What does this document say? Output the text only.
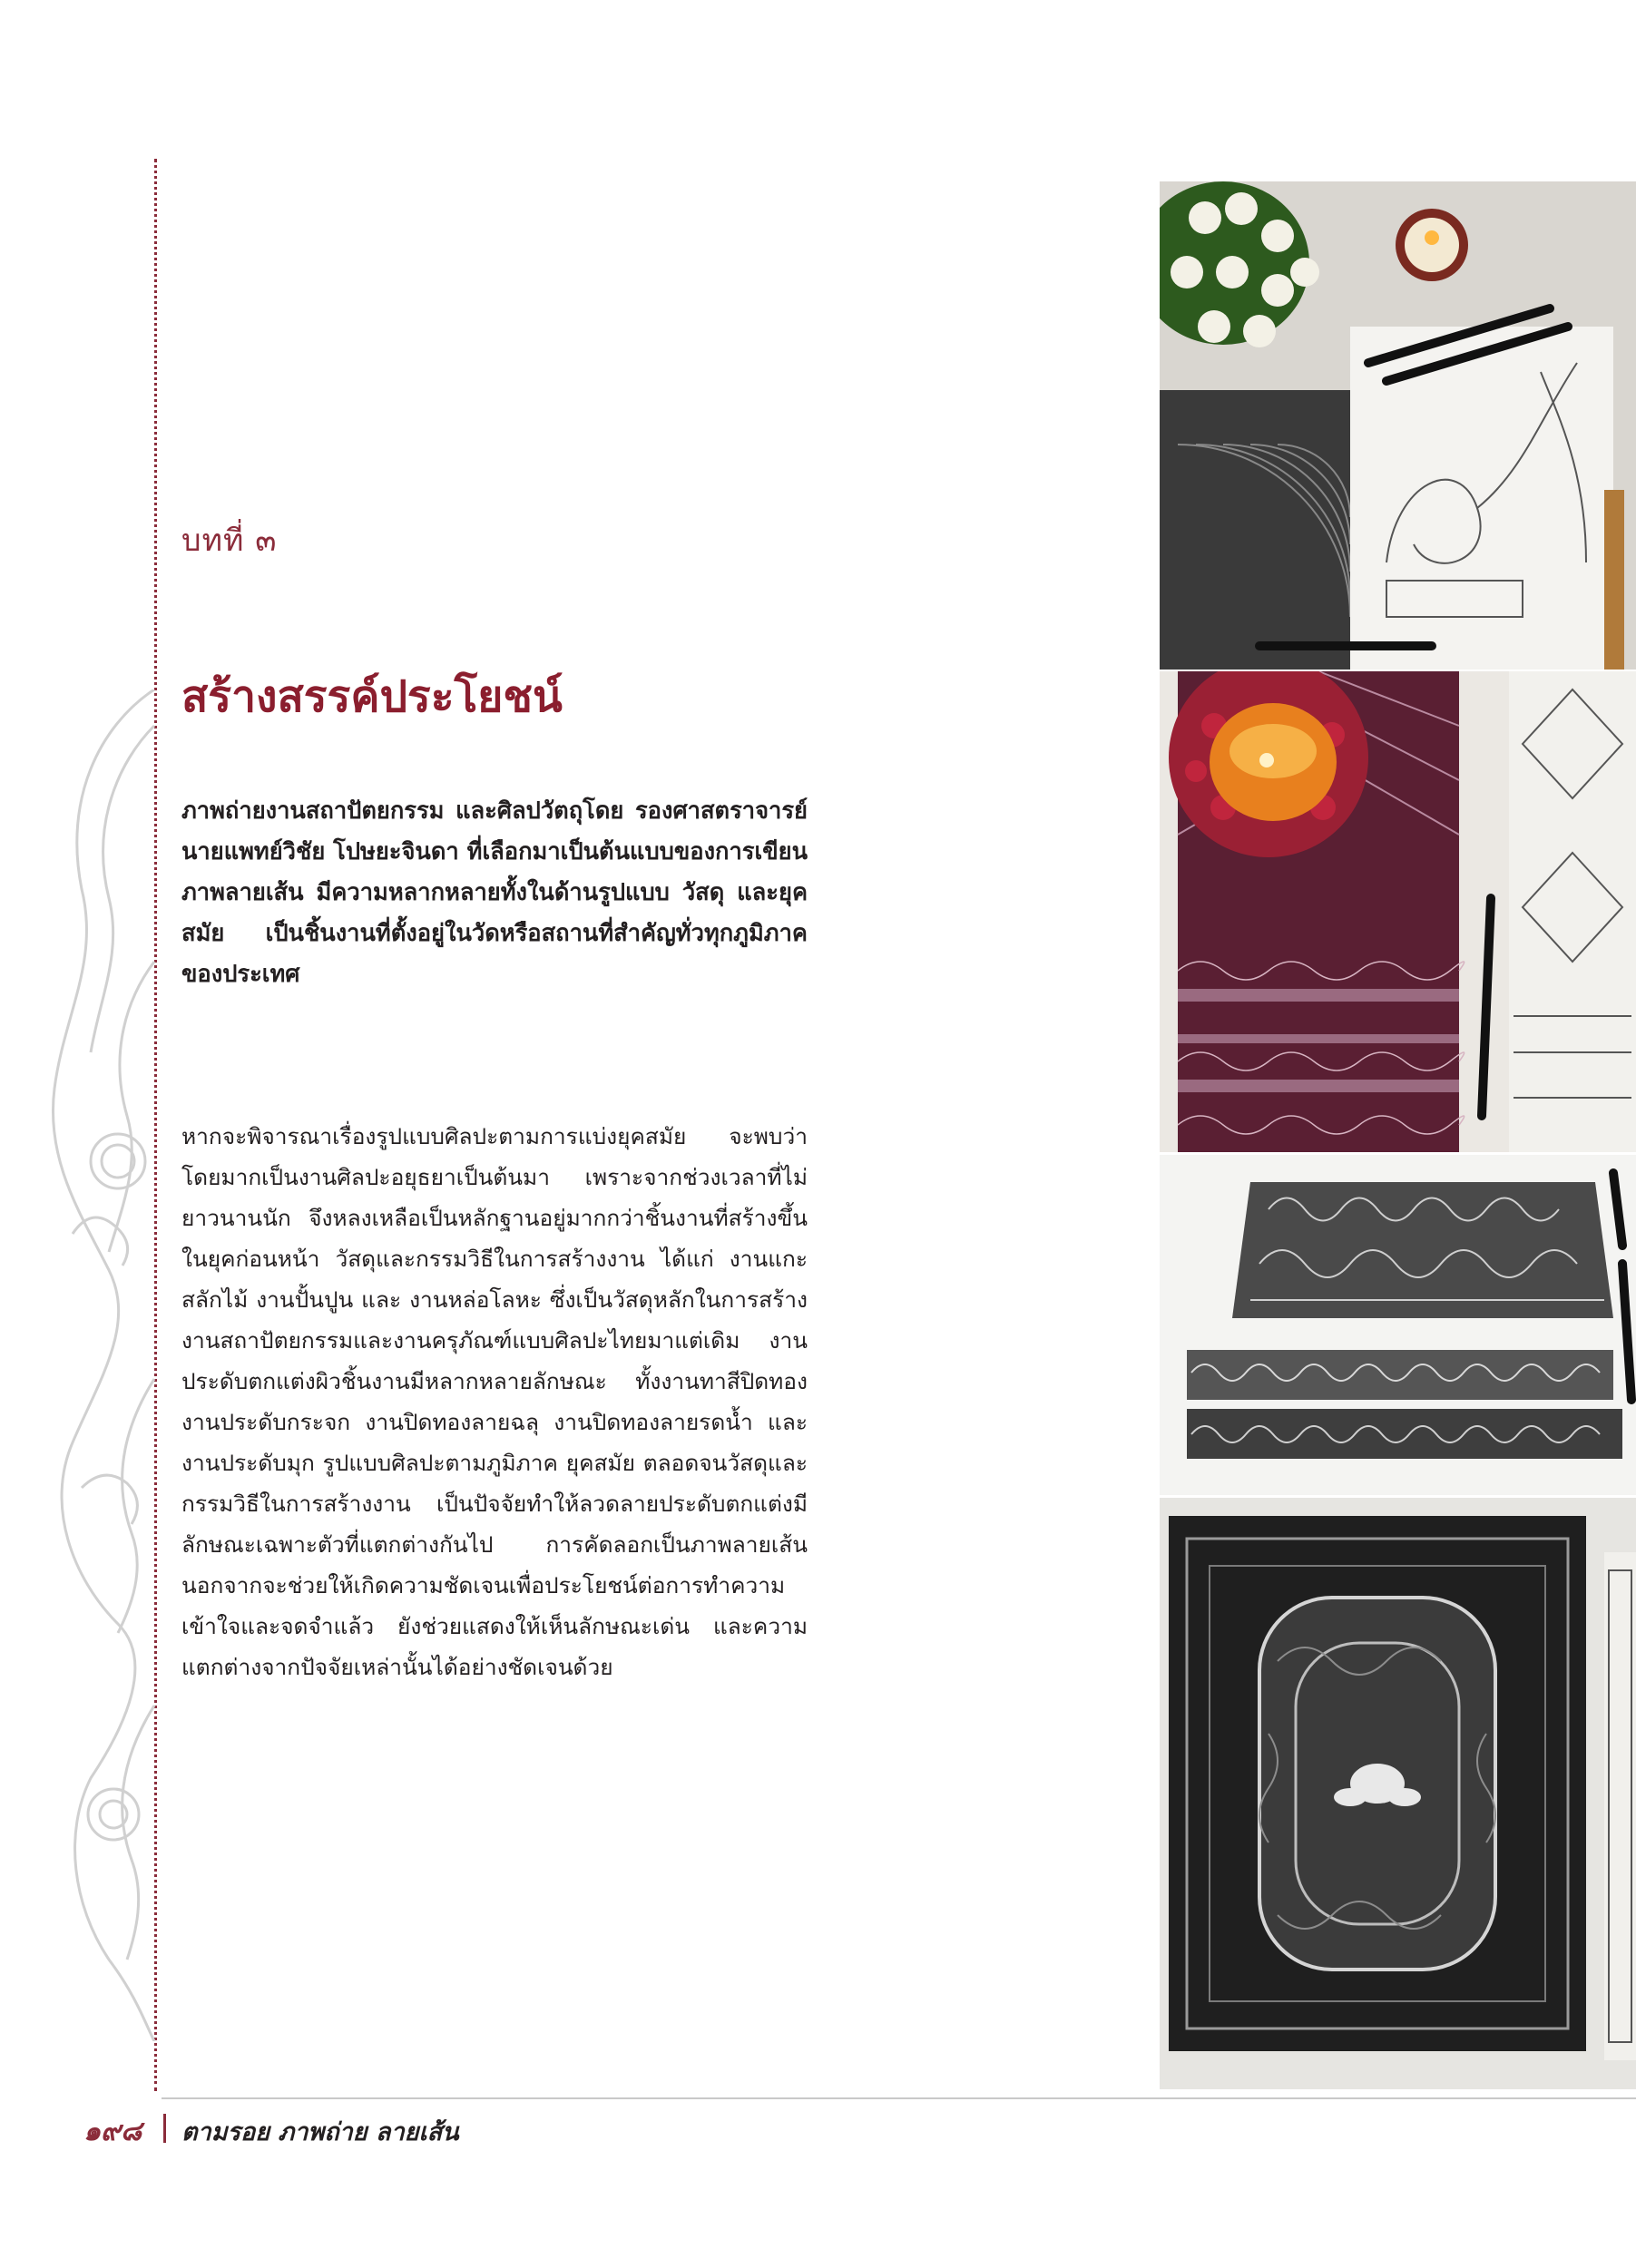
บทที่ ๓
สร้างสรรค์ประโยชน์
ภาพถ่ายงานสถาปัตยกรรม และศิลปวัตถุโดย รองศาสตราจารย์ นายแพทย์วิชัย โปษยะจินดา ที่เลือกมาเป็นต้นแบบของการเขียนภาพลายเส้น มีความหลากหลายทั้งในด้านรูปแบบ วัสดุ และยุคสมัย เป็นชิ้นงานที่ตั้งอยู่ในวัดหรือสถานที่สำคัญทั่วทุกภูมิภาคของประเทศ
หากจะพิจารณาเรื่องรูปแบบศิลปะตามการแบ่งยุคสมัย จะพบว่าโดยมากเป็นงานศิลปะอยุธยาเป็นต้นมา เพราะจากช่วงเวลาที่ไม่ยาวนานนัก จึงหลงเหลือเป็นหลักฐานอยู่มากกว่าชิ้นงานที่สร้างขึ้นในยุคก่อนหน้า วัสดุและกรรมวิธีในการสร้างงาน ได้แก่ งานแกะสลักไม้ งานปั้นปูน และ งานหล่อโลหะ ซึ่งเป็นวัสดุหลักในการสร้างงานสถาปัตยกรรมและงานครุภัณฑ์แบบศิลปะไทยมาแต่เดิม งานประดับตกแต่งผิวชิ้นงานมีหลากหลายลักษณะ ทั้งงานทาสีปิดทอง งานประดับกระจก งานปิดทองลายฉลุ งานปิดทองลายรดน้ำ และงานประดับมุก รูปแบบศิลปะตามภูมิภาค ยุคสมัย ตลอดจนวัสดุและกรรมวิธีในการสร้างงาน เป็นปัจจัยทำให้ลวดลายประดับตกแต่งมีลักษณะเฉพาะตัวที่แตกต่างกันไป การคัดลอกเป็นภาพลายเส้น นอกจากจะช่วยให้เกิดความชัดเจนเพื่อประโยชน์ต่อการทำความเข้าใจและจดจำแล้ว ยังช่วยแสดงให้เห็นลักษณะเด่น และความแตกต่างจากปัจจัยเหล่านั้นได้อย่างชัดเจนด้วย
๑๙๘ ตามรอย ภาพถ่าย ลายเส้น
